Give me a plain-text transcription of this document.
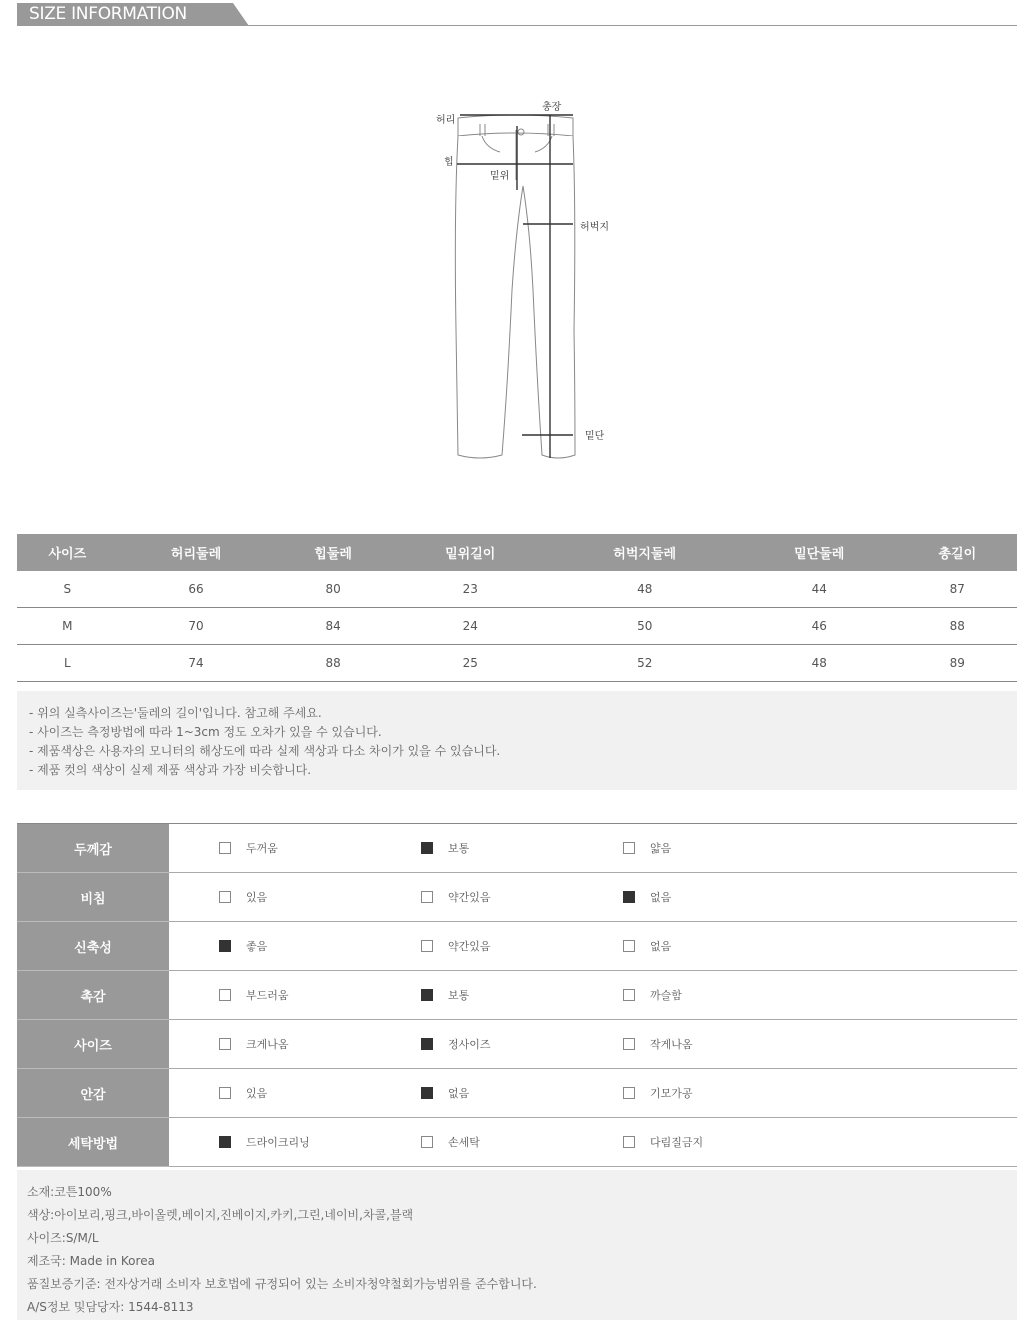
SIZE INFORMATION
허리
총장
힙
밑위
허벅지
밑단
사이즈	허리둘레	힙둘레	밑위길이	허벅지둘레	밑단둘레	총길이
S	66	80	23	48	44	87
M	70	84	24	50	46	88
L	74	88	25	52	48	89
- 위의 실측사이즈는'둘레의 길이'입니다. 참고해 주세요.
- 사이즈는 측정방법에 따라 1~3cm 정도 오차가 있을 수 있습니다.
- 제품색상은 사용자의 모니터의 해상도에 따라 실제 색상과 다소 차이가 있을 수 있습니다.
- 제품 컷의 색상이 실제 제품 색상과 가장 비슷합니다.
두께감	두꺼움	보통	얇음	
비침	있음	약간있음	없음	
신축성	좋음	약간있음	없음	
촉감	부드러움	보통	까슬함	
사이즈	크게나옴	정사이즈	작게나옴	
안감	있음	없음	기모가공	
세탁방법	드라이크리닝	손세탁	다림질금지	
소재:코튼100%
색상:아이보리,핑크,바이올렛,베이지,진베이지,카키,그린,네이비,차콜,블랙
사이즈:S/M/L
제조국: Made in Korea
품질보증기준: 전자상거래 소비자 보호법에 규정되어 있는 소비자청약철회가능범위를 준수합니다.
A/S정보 및담당자: 1544-8113
